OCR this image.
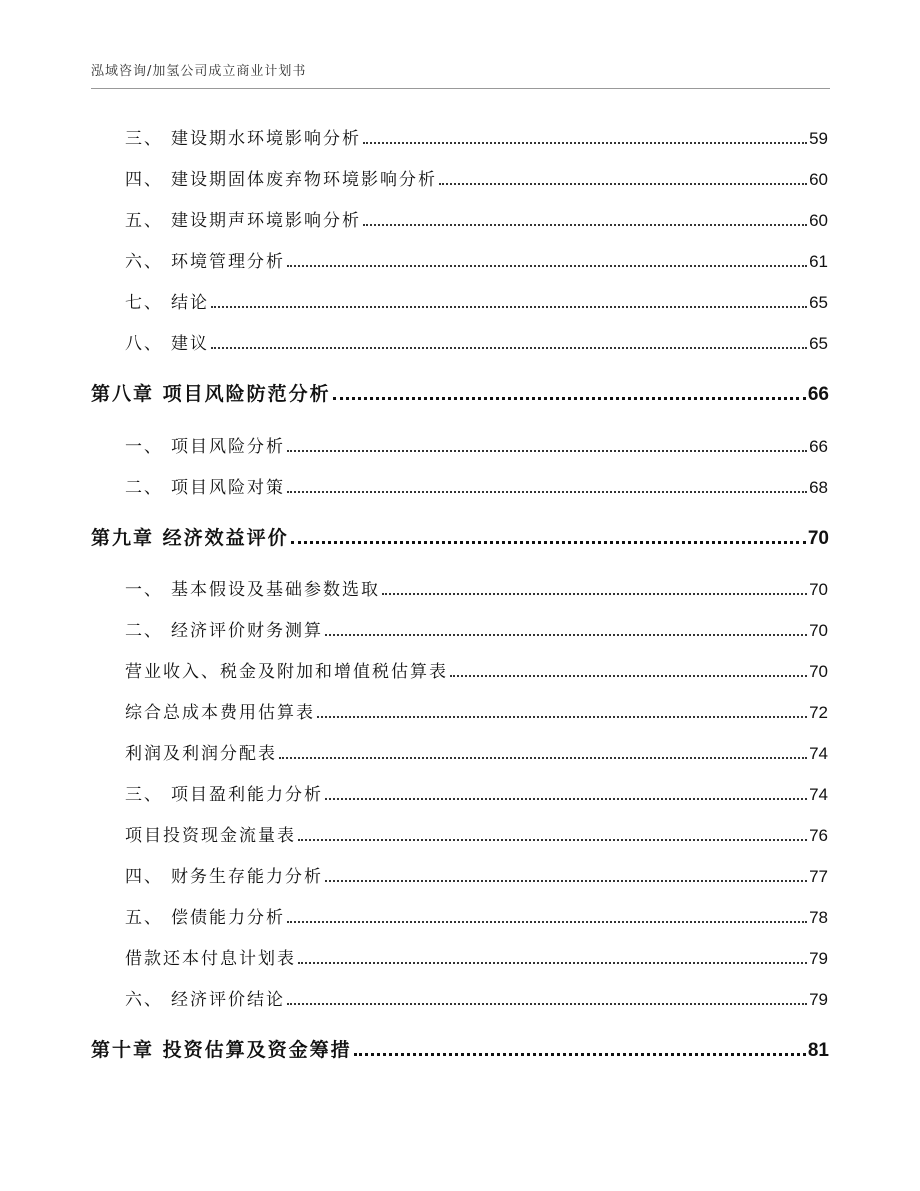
泓域咨询/加氢公司成立商业计划书
三、 建设期水环境影响分析	59
四、 建设期固体废弃物环境影响分析	60
五、 建设期声环境影响分析	60
六、 环境管理分析	61
七、 结论	65
八、 建议	65
第八章 项目风险防范分析	66
一、 项目风险分析	66
二、 项目风险对策	68
第九章 经济效益评价	70
一、 基本假设及基础参数选取	70
二、 经济评价财务测算	70
营业收入、税金及附加和增值税估算表	70
综合总成本费用估算表	72
利润及利润分配表	74
三、 项目盈利能力分析	74
项目投资现金流量表	76
四、 财务生存能力分析	77
五、 偿债能力分析	78
借款还本付息计划表	79
六、 经济评价结论	79
第十章 投资估算及资金筹措	81
